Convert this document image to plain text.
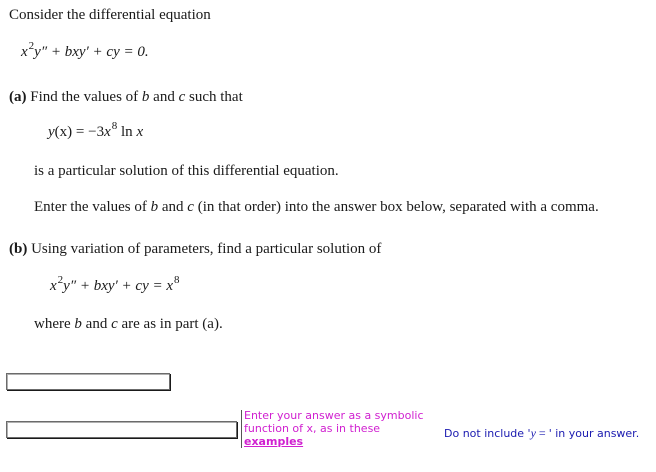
Consider the differential equation
$x^2y'' + bxy'$ + cy = 0.
(a) Find the values of b and c such that
$y(x) = -3x^8$ ln x
is a particular solution of this differential equation.
Enter the values of b and c (in that order) into the answer box below, separated with a comma.
(b) Using variation of parameters, find a particular solution of
$x^2y'' + bxy'$ + cy = $x^8$
where b and c are as in part (a).
Enter your answer as a symbolic
function of x, as in these
examples
Do not include 'y = ' in your answer.
